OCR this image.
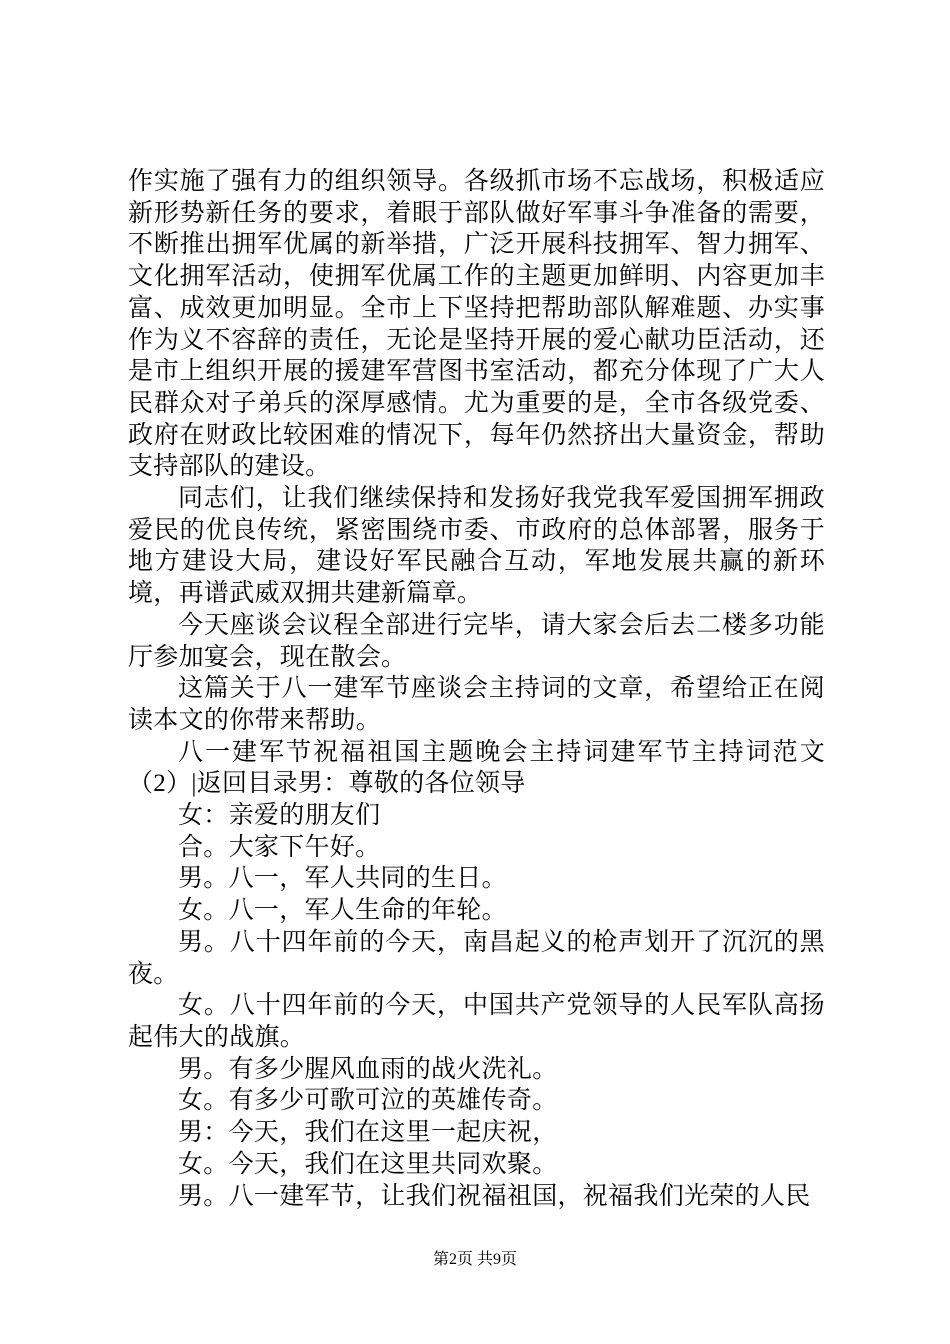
作实施了强有力的组织领导。各级抓市场不忘战场，积极适应新形势新任务的要求，着眼于部队做好军事斗争准备的需要，不断推出拥军优属的新举措，广泛开展科技拥军、智力拥军、文化拥军活动，使拥军优属工作的主题更加鲜明、内容更加丰富、成效更加明显。全市上下坚持把帮助部队解难题、办实事作为义不容辞的责任，无论是坚持开展的爱心献功臣活动，还是市上组织开展的援建军营图书室活动，都充分体现了广大人民群众对子弟兵的深厚感情。尤为重要的是，全市各级党委、政府在财政比较困难的情况下，每年仍然挤出大量资金，帮助支持部队的建设。

同志们，让我们继续保持和发扬好我党我军爱国拥军拥政爱民的优良传统，紧密围绕市委、市政府的总体部署，服务于地方建设大局，建设好军民融合互动，军地发展共赢的新环境，再谱武威双拥共建新篇章。

今天座谈会议程全部进行完毕，请大家会后去二楼多功能厅参加宴会，现在散会。

这篇关于八一建军节座谈会主持词的文章，希望给正在阅读本文的你带来帮助。

八一建军节祝福祖国主题晚会主持词建军节主持词范文（2）|返回目录男：尊敬的各位领导

女：亲爱的朋友们

合。大家下午好。

男。八一，军人共同的生日。

女。八一，军人生命的年轮。

男。八十四年前的今天，南昌起义的枪声划开了沉沉的黑夜。

女。八十四年前的今天，中国共产党领导的人民军队高扬起伟大的战旗。

男。有多少腥风血雨的战火洗礼。

女。有多少可歌可泣的英雄传奇。

男：今天，我们在这里一起庆祝，

女。今天，我们在这里共同欢聚。

男。八一建军节，让我们祝福祖国，祝福我们光荣的人民

第2页 共9页
